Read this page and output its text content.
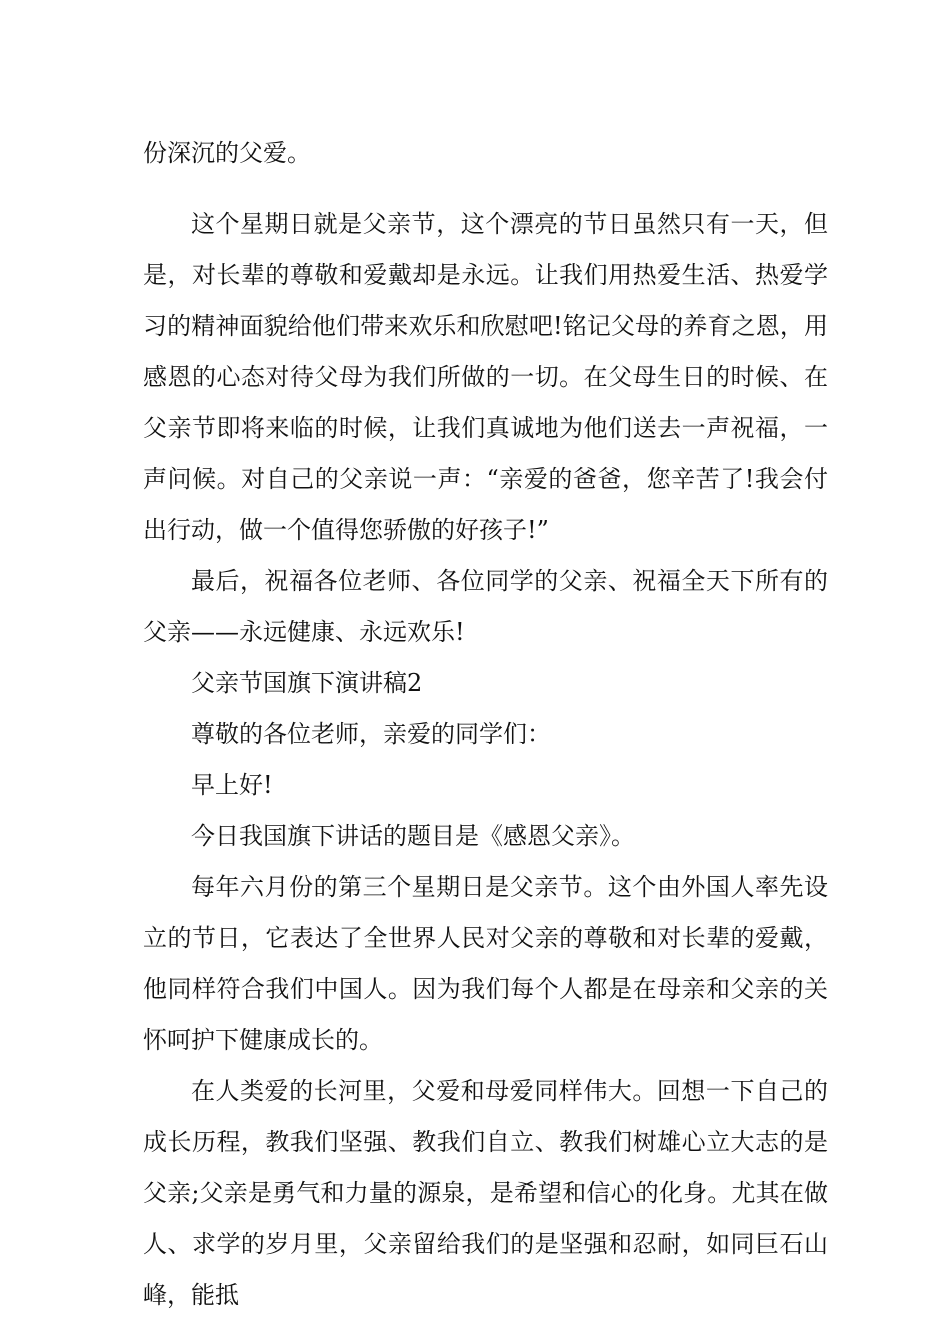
份深沉的父爱。

这个星期日就是父亲节，这个漂亮的节日虽然只有一天，但是，对长辈的尊敬和爱戴却是永远。让我们用热爱生活、热爱学习的精神面貌给他们带来欢乐和欣慰吧!铭记父母的养育之恩，用感恩的心态对待父母为我们所做的一切。在父母生日的时候、在父亲节即将来临的时候，让我们真诚地为他们送去一声祝福，一声问候。对自己的父亲说一声：“亲爱的爸爸，您辛苦了!我会付出行动，做一个值得您骄傲的好孩子!”

最后，祝福各位老师、各位同学的父亲、祝福全天下所有的父亲——永远健康、永远欢乐!

父亲节国旗下演讲稿2

尊敬的各位老师，亲爱的同学们：

早上好!

今日我国旗下讲话的题目是《感恩父亲》。

每年六月份的第三个星期日是父亲节。这个由外国人率先设立的节日，它表达了全世界人民对父亲的尊敬和对长辈的爱戴，他同样符合我们中国人。因为我们每个人都是在母亲和父亲的关怀呵护下健康成长的。

在人类爱的长河里，父爱和母爱同样伟大。回想一下自己的成长历程，教我们坚强、教我们自立、教我们树雄心立大志的是父亲;父亲是勇气和力量的源泉，是希望和信心的化身。尤其在做人、求学的岁月里，父亲留给我们的是坚强和忍耐，如同巨石山峰，能抵
